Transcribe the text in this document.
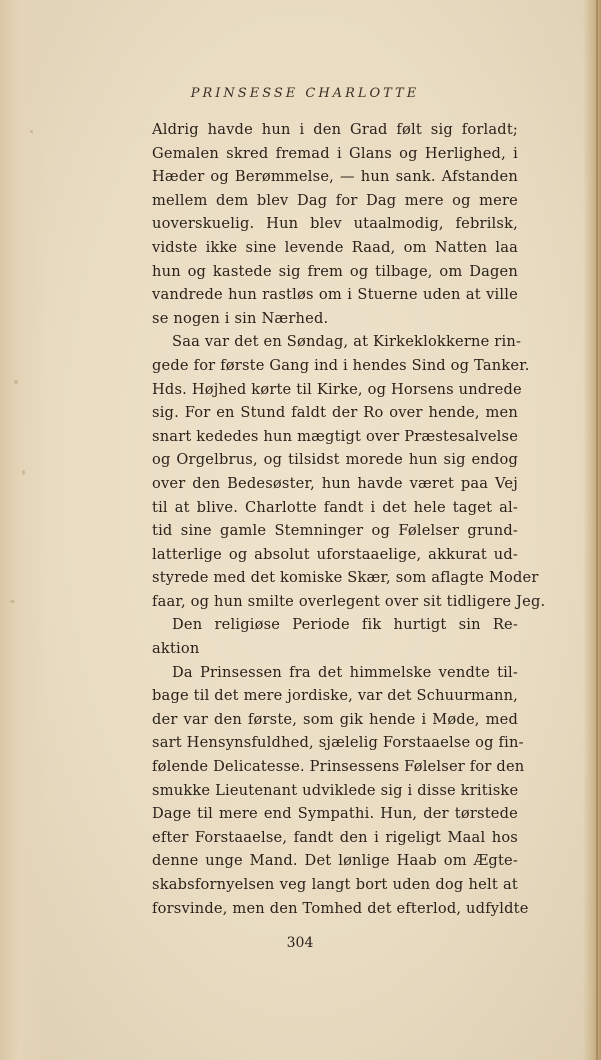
PRINSESSE CHARLOTTE
Aldrig havde hun i den Grad følt sig forladt;
Gemalen skred fremad i Glans og Herlighed, i
Hæder og Berømmelse, — hun sank. Afstanden
mellem dem blev Dag for Dag mere og mere
uoverskuelig. Hun blev utaalmodig, febrilsk,
vidste ikke sine levende Raad, om Natten laa
hun og kastede sig frem og tilbage, om Dagen
vandrede hun rastløs om i Stuerne uden at ville
se nogen i sin Nærhed.
Saa var det en Søndag, at Kirkeklokkerne rin-
gede for første Gang ind i hendes Sind og Tanker.
Hds. Højhed kørte til Kirke, og Horsens undrede
sig. For en Stund faldt der Ro over hende, men
snart kededes hun mægtigt over Præstesalvelse
og Orgelbrus, og tilsidst morede hun sig endog
over den Bedesøster, hun havde været paa Vej
til at blive. Charlotte fandt i det hele taget al-
tid sine gamle Stemninger og Følelser grund-
latterlige og absolut uforstaaelige, akkurat ud-
styrede med det komiske Skær, som aflagte Moder
faar, og hun smilte overlegent over sit tidligere Jeg.
Den religiøse Periode fik hurtigt sin Re-
aktion
Da Prinsessen fra det himmelske vendte til-
bage til det mere jordiske, var det Schuurmann,
der var den første, som gik hende i Møde, med
sart Hensynsfuldhed, sjælelig Forstaaelse og fin-
følende Delicatesse. Prinsessens Følelser for den
smukke Lieutenant udviklede sig i disse kritiske
Dage til mere end Sympathi. Hun, der tørstede
efter Forstaaelse, fandt den i rigeligt Maal hos
denne unge Mand. Det lønlige Haab om Ægte-
skabsfornyelsen veg langt bort uden dog helt at
forsvinde, men den Tomhed det efterlod, udfyldte
304
